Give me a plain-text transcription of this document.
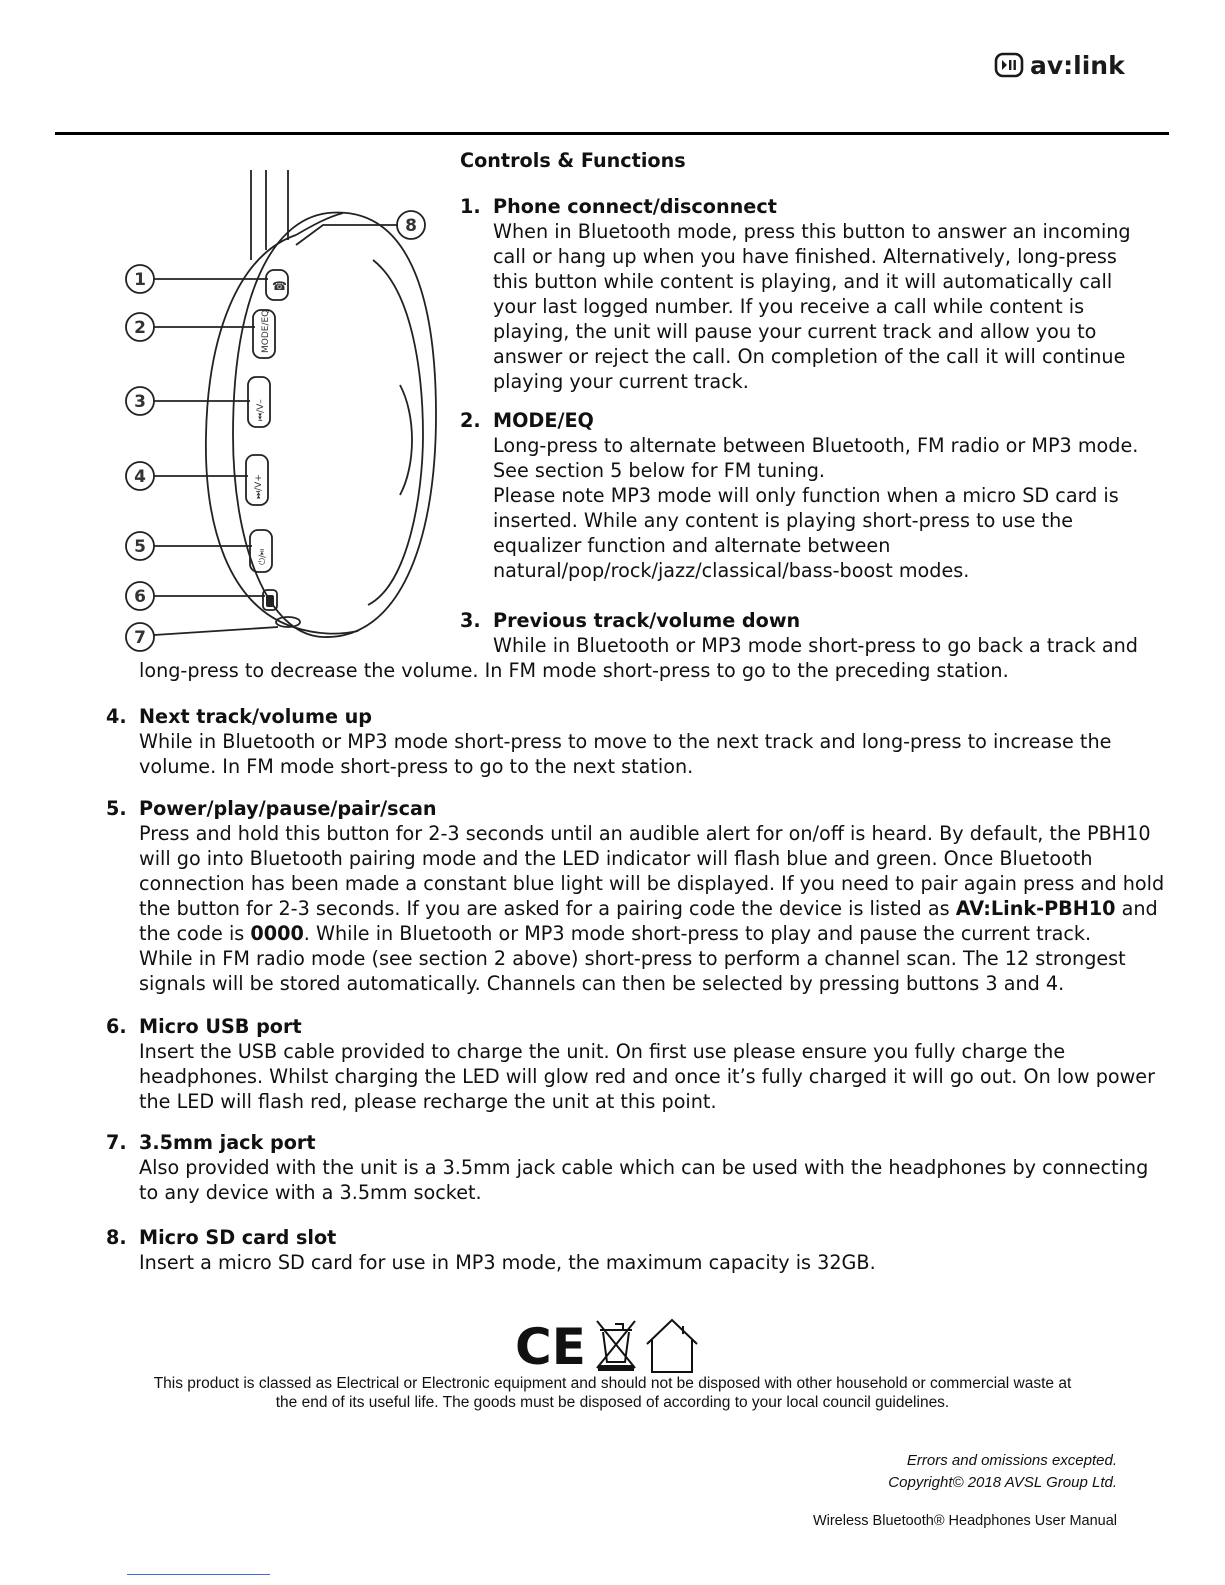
av:link
1
2
3
4
5
6
7
8
☎
MODE/EQ
⏮/V–
⏭/V+
⏻/⏯
Controls & Functions
1. Phone connect/disconnect
When in Bluetooth mode, press this button to answer an incoming
call or hang up when you have finished. Alternatively, long-press
this button while content is playing, and it will automatically call
your last logged number. If you receive a call while content is
playing, the unit will pause your current track and allow you to
answer or reject the call. On completion of the call it will continue
playing your current track.
2. MODE/EQ
Long-press to alternate between Bluetooth, FM radio or MP3 mode.
See section 5 below for FM tuning.
Please note MP3 mode will only function when a micro SD card is
inserted. While any content is playing short-press to use the
equalizer function and alternate between
natural/pop/rock/jazz/classical/bass-boost modes.
3. Previous track/volume down
While in Bluetooth or MP3 mode short-press to go back a track and
long-press to decrease the volume. In FM mode short-press to go to the preceding station.
4. Next track/volume up
While in Bluetooth or MP3 mode short-press to move to the next track and long-press to increase the
volume. In FM mode short-press to go to the next station.
5. Power/play/pause/pair/scan
Press and hold this button for 2-3 seconds until an audible alert for on/off is heard. By default, the PBH10
will go into Bluetooth pairing mode and the LED indicator will flash blue and green. Once Bluetooth
connection has been made a constant blue light will be displayed. If you need to pair again press and hold
the button for 2-3 seconds. If you are asked for a pairing code the device is listed as AV:Link-PBH10 and
the code is 0000. While in Bluetooth or MP3 mode short-press to play and pause the current track.
While in FM radio mode (see section 2 above) short-press to perform a channel scan. The 12 strongest
signals will be stored automatically. Channels can then be selected by pressing buttons 3 and 4.
6. Micro USB port
Insert the USB cable provided to charge the unit. On first use please ensure you fully charge the
headphones. Whilst charging the LED will glow red and once it’s fully charged it will go out. On low power
the LED will flash red, please recharge the unit at this point.
7. 3.5mm jack port
Also provided with the unit is a 3.5mm jack cable which can be used with the headphones by connecting
to any device with a 3.5mm socket.
8. Micro SD card slot
Insert a micro SD card for use in MP3 mode, the maximum capacity is 32GB.
CE
This product is classed as Electrical or Electronic equipment and should not be disposed with other household or commercial waste at
the end of its useful life. The goods must be disposed of according to your local council guidelines.
Errors and omissions excepted.
Copyright© 2018 AVSL Group Ltd.
Wireless Bluetooth® Headphones User Manual
